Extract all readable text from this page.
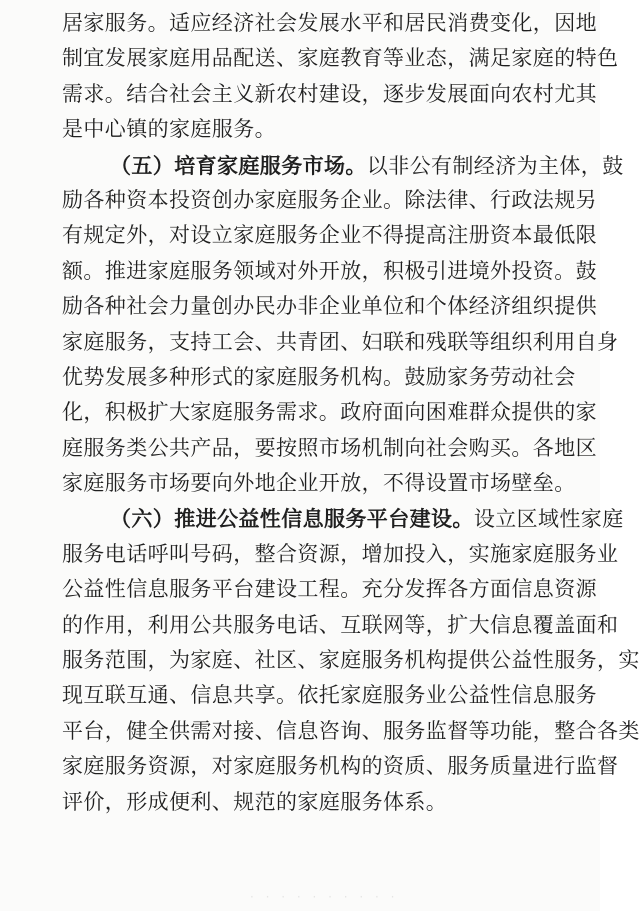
居家服务。适应经济社会发展水平和居民消费变化，因地
制宜发展家庭用品配送、家庭教育等业态，满足家庭的特色
需求。结合社会主义新农村建设，逐步发展面向农村尤其
是中心镇的家庭服务。
（五）培育家庭服务市场。以非公有制经济为主体，鼓
励各种资本投资创办家庭服务企业。除法律、行政法规另
有规定外，对设立家庭服务企业不得提高注册资本最低限
额。推进家庭服务领域对外开放，积极引进境外投资。鼓
励各种社会力量创办民办非企业单位和个体经济组织提供
家庭服务，支持工会、共青团、妇联和残联等组织利用自身
优势发展多种形式的家庭服务机构。鼓励家务劳动社会
化，积极扩大家庭服务需求。政府面向困难群众提供的家
庭服务类公共产品，要按照市场机制向社会购买。各地区
家庭服务市场要向外地企业开放，不得设置市场壁垒。
（六）推进公益性信息服务平台建设。设立区域性家庭
服务电话呼叫号码，整合资源，增加投入，实施家庭服务业
公益性信息服务平台建设工程。充分发挥各方面信息资源
的作用，利用公共服务电话、互联网等，扩大信息覆盖面和
服务范围，为家庭、社区、家庭服务机构提供公益性服务，实
现互联互通、信息共享。依托家庭服务业公益性信息服务
平台，健全供需对接、信息咨询、服务监督等功能，整合各类
家庭服务资源，对家庭服务机构的资质、服务质量进行监督
评价，形成便利、规范的家庭服务体系。
· · · · · · · · · ·
